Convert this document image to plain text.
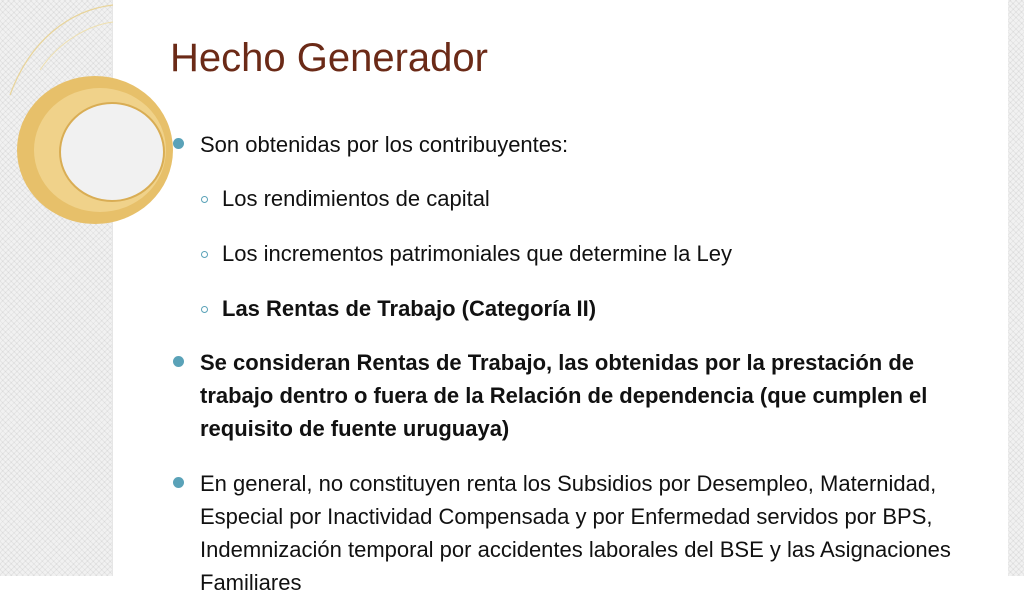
Hecho Generador
Son obtenidas por los contribuyentes:
Los rendimientos de capital
Los incrementos patrimoniales que determine la Ley
Las Rentas de Trabajo (Categoría II)
Se consideran Rentas de Trabajo, las obtenidas por la prestación de trabajo dentro o fuera de la Relación de dependencia (que cumplen el requisito de fuente uruguaya)
En general, no constituyen renta los Subsidios por Desempleo, Maternidad, Especial por Inactividad Compensada y por Enfermedad servidos por BPS, Indemnización temporal por accidentes laborales del BSE y las Asignaciones Familiares
